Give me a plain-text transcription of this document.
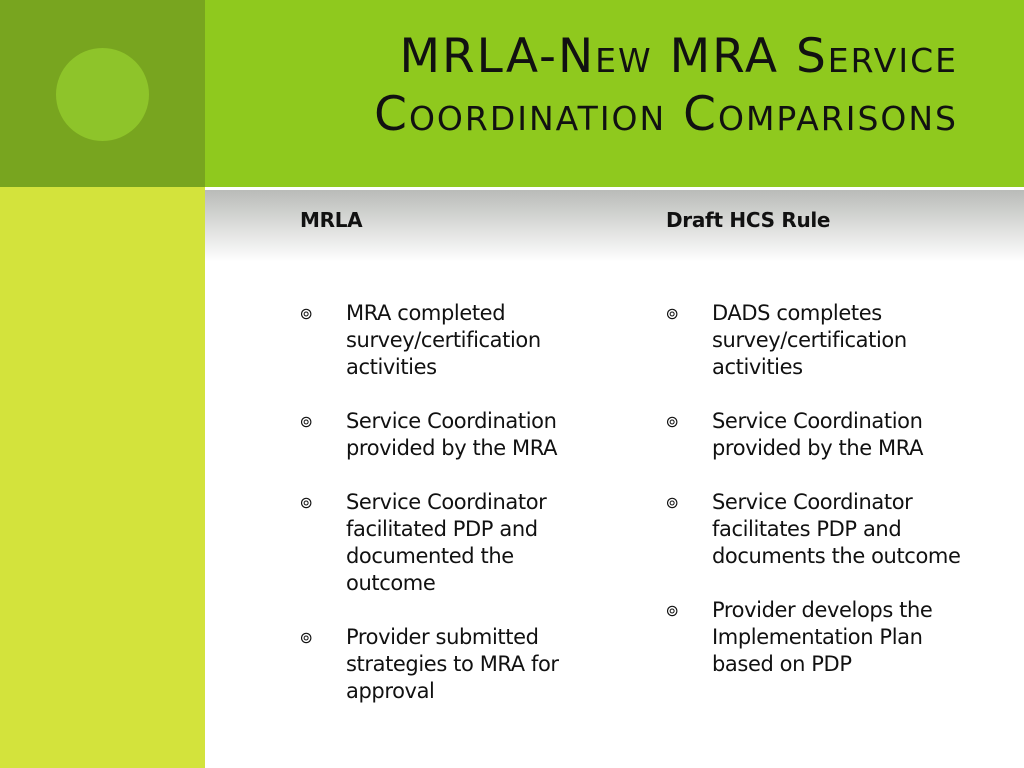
MRLA-New MRA Service Coordination Comparisons
MRLA	Draft HCS Rule
⊚ MRA completed survey/certification activities
⊚ Service Coordination provided by the MRA
⊚ Service Coordinator facilitated PDP and documented the outcome
⊚ Provider submitted strategies to MRA for approval
⊚ DADS completes survey/certification activities
⊚ Service Coordination provided by the MRA
⊚ Service Coordinator facilitates PDP and documents the outcome
⊚ Provider develops the Implementation Plan based on PDP
